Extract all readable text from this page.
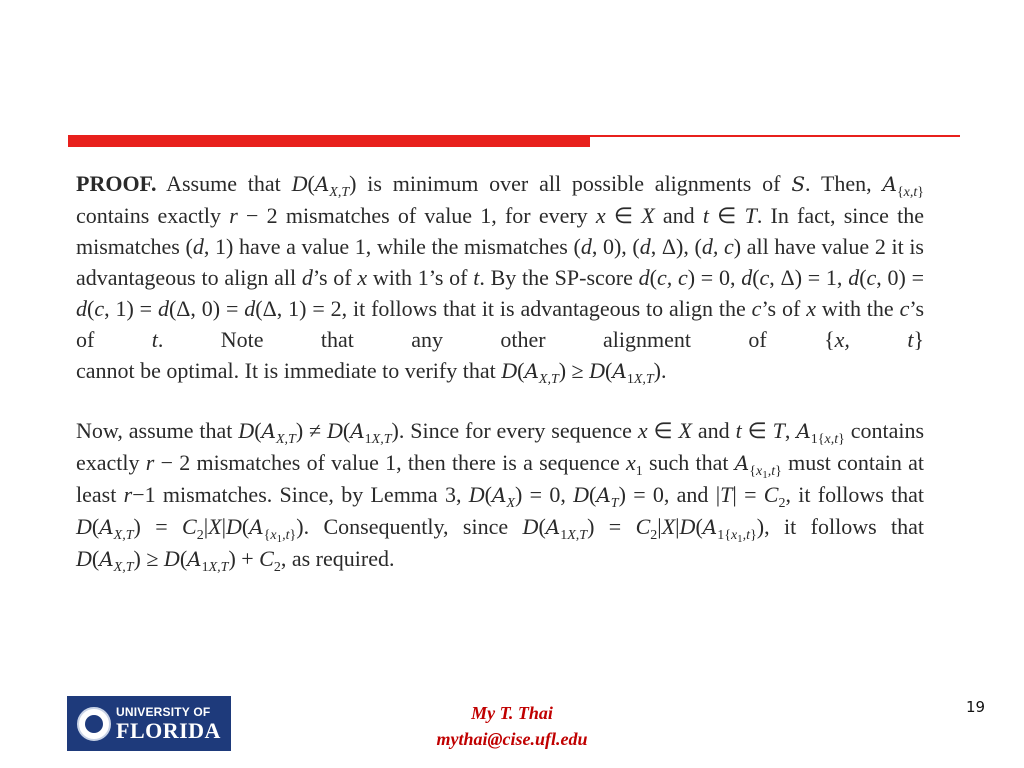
PROOF. Assume that $D(A_{X,T})$ is minimum over all possible alignments of S. Then, $A_{\{x,t\}}$ contains exactly r − 2 mismatches of value 1, for every x ∈ X and t ∈ T. In fact, since the mismatches (d, 1) have a value 1, while the mismatches (d, 0), (d, Δ), (d, c) all have value 2 it is advantageous to align all d’s of x with 1’s of t. By the SP-score d(c, c) = 0, d(c, Δ) = 1, d(c, 0) = d(c, 1) = d(Δ, 0) = d(Δ, 1) = 2, it follows that it is advantageous to align the c’s of x with the c’s of	t. Note that any other alignment of {x, t}

cannot be optimal. It is immediate to verify that $D(A_{X,T}) \ge D(A_{1X,T})$.

Now, assume that $D(A_{X,T}) \ne D(A_{1X,T})$. Since for every sequence x ∈ X and t ∈ T, $A_{1\{x,t\}}$ contains exactly r − 2 mismatches of value 1, then there is a sequence $x_1$ such that $A_{\{x_1,t\}}$ must contain at least r−1 mismatches. Since, by Lemma 3, $D(A_X) = 0$, $D(A_T) = 0$, and $|T| = C_2$, it follows that $D(A_{X,T}) = C_2|X|D(A_{\{x_1,t\}})$. Consequently, since $D(A_{1X,T}) = C_2|X|D(A_{1\{x_1,t\}})$, it follows that

$D(A_{X,T}) \ge D(A_{1X,T}) + C_2$, as required.

UNIVERSITY OF
FLORIDA
My T. Thai
mythai@cise.ufl.edu
19
